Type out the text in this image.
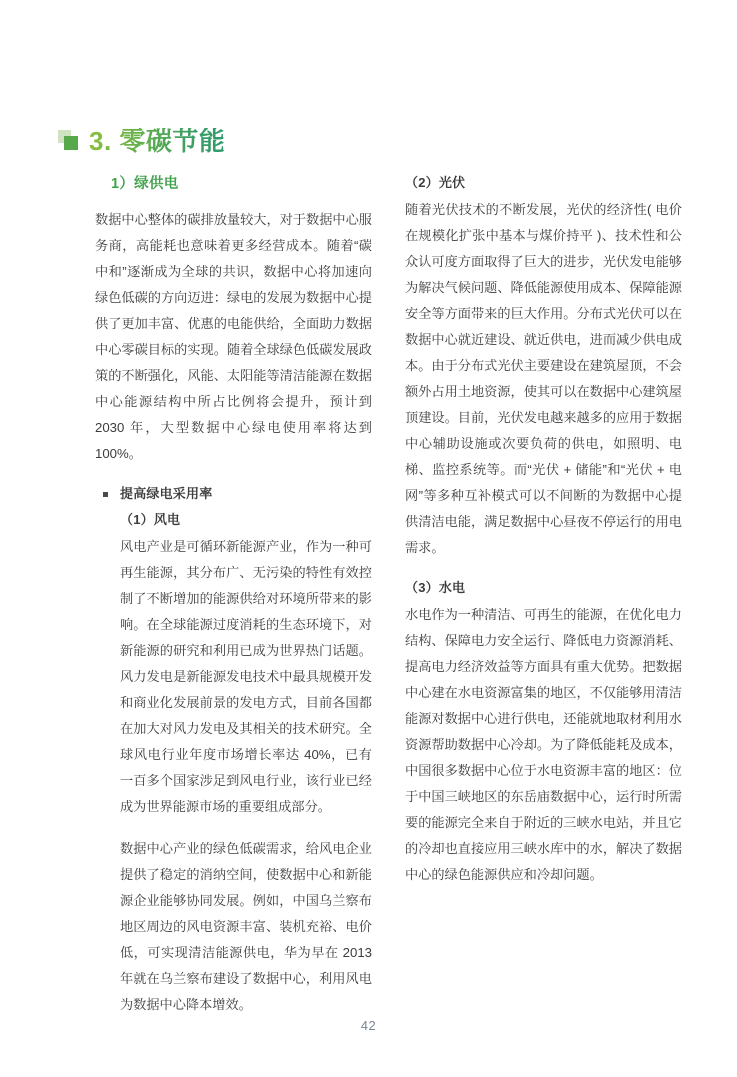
3. 零碳节能
1）绿供电

数据中心整体的碳排放量较大，对于数据中心服务商，高能耗也意味着更多经营成本。随着“碳中和”逐渐成为全球的共识，数据中心将加速向绿色低碳的方向迈进：绿电的发展为数据中心提供了更加丰富、优惠的电能供给，全面助力数据中心零碳目标的实现。随着全球绿色低碳发展政策的不断强化，风能、太阳能等清洁能源在数据中心能源结构中所占比例将会提升，预计到 2030 年，大型数据中心绿电使用率将达到 100%。

提高绿电采用率
（1）风电

风电产业是可循环新能源产业，作为一种可再生能源，其分布广、无污染的特性有效控制了不断增加的能源供给对环境所带来的影响。在全球能源过度消耗的生态环境下，对新能源的研究和利用已成为世界热门话题。风力发电是新能源发电技术中最具规模开发和商业化发展前景的发电方式，目前各国都在加大对风力发电及其相关的技术研究。全球风电行业年度市场增长率达 40%，已有一百多个国家涉足到风电行业，该行业已经成为世界能源市场的重要组成部分。

数据中心产业的绿色低碳需求，给风电企业提供了稳定的消纳空间，使数据中心和新能源企业能够协同发展。例如，中国乌兰察布地区周边的风电资源丰富、装机充裕、电价低，可实现清洁能源供电，华为早在 2013 年就在乌兰察布建设了数据中心，利用风电为数据中心降本增效。

（2）光伏

随着光伏技术的不断发展，光伏的经济性( 电价在规模化扩张中基本与煤价持平 )、技术性和公众认可度方面取得了巨大的进步，光伏发电能够为解决气候问题、降低能源使用成本、保障能源安全等方面带来的巨大作用。分布式光伏可以在数据中心就近建设、就近供电，进而减少供电成本。由于分布式光伏主要建设在建筑屋顶，不会额外占用土地资源，使其可以在数据中心建筑屋顶建设。目前，光伏发电越来越多的应用于数据中心辅助设施或次要负荷的供电，如照明、电梯、监控系统等。而“光伏 + 储能”和“光伏 + 电网”等多种互补模式可以不间断的为数据中心提供清洁电能，满足数据中心昼夜不停运行的用电需求。

（3）水电

水电作为一种清洁、可再生的能源，在优化电力结构、保障电力安全运行、降低电力资源消耗、提高电力经济效益等方面具有重大优势。把数据中心建在水电资源富集的地区，不仅能够用清洁能源对数据中心进行供电，还能就地取材利用水资源帮助数据中心冷却。为了降低能耗及成本，中国很多数据中心位于水电资源丰富的地区：位于中国三峡地区的东岳庙数据中心，运行时所需要的能源完全来自于附近的三峡水电站，并且它的冷却也直接应用三峡水库中的水，解决了数据中心的绿色能源供应和冷却问题。

42
